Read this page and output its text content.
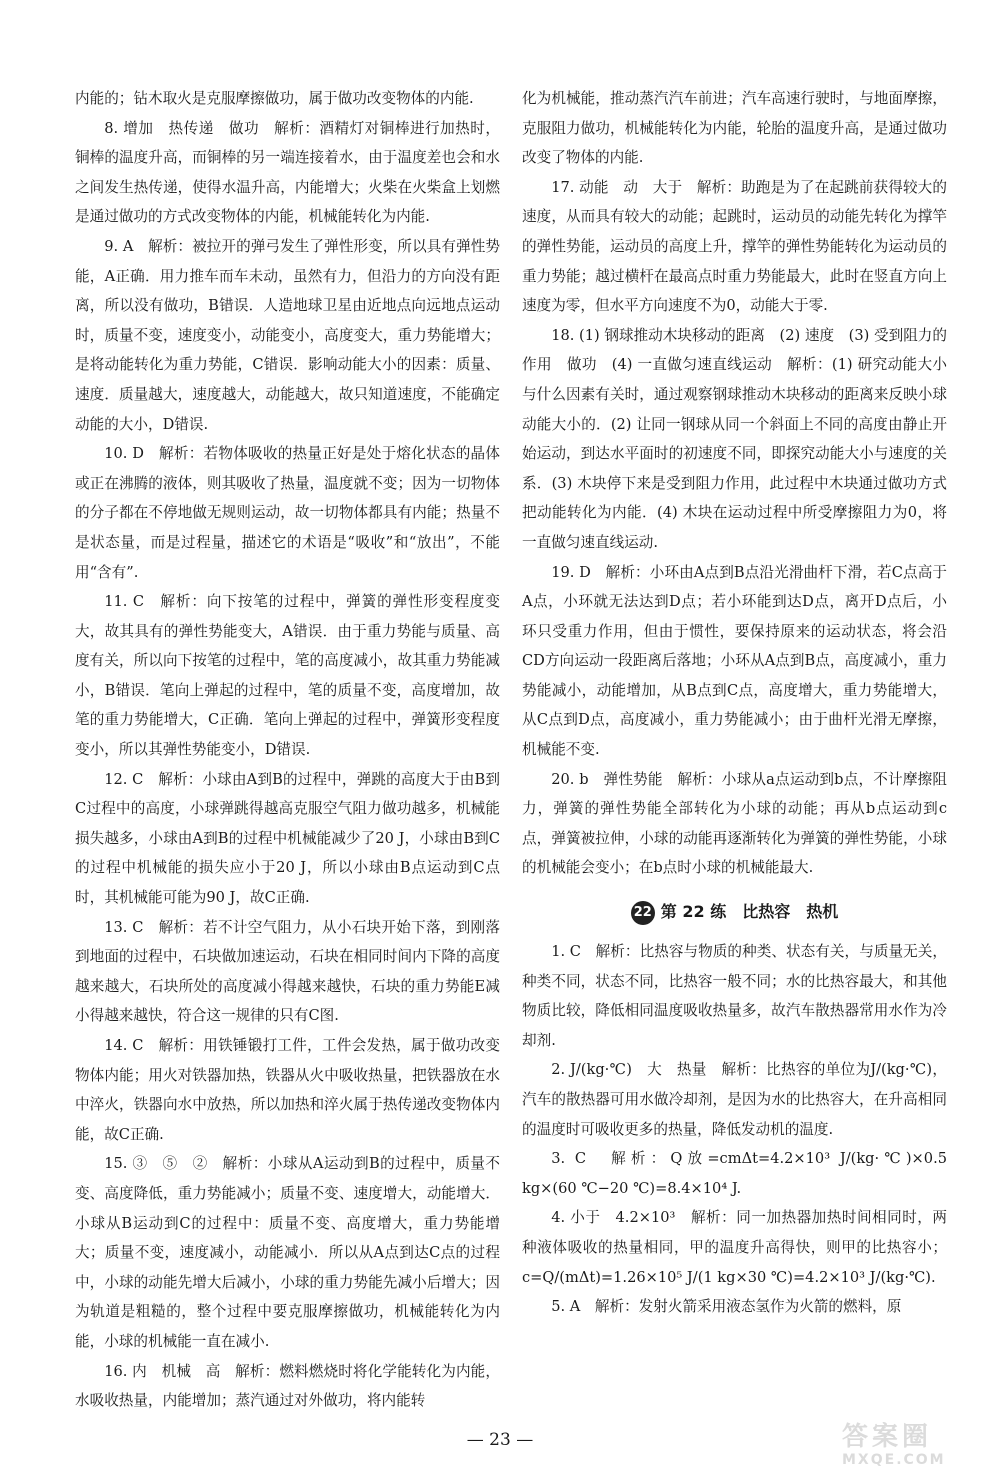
内能的；钻木取火是克服摩擦做功，属于做功改变物体的内能.

8. 增加　热传递　做功　解析：酒精灯对铜棒进行加热时，铜棒的温度升高，而铜棒的另一端连接着水，由于温度差也会和水之间发生热传递，使得水温升高，内能增大；火柴在火柴盒上划燃是通过做功的方式改变物体的内能，机械能转化为内能.

9. A　解析：被拉开的弹弓发生了弹性形变，所以具有弹性势能，A正确．用力推车而车未动，虽然有力，但沿力的方向没有距离，所以没有做功，B错误．人造地球卫星由近地点向远地点运动时，质量不变，速度变小，动能变小，高度变大，重力势能增大；是将动能转化为重力势能，C错误．影响动能大小的因素：质量、速度．质量越大，速度越大，动能越大，故只知道速度，不能确定动能的大小，D错误.

10. D　解析：若物体吸收的热量正好是处于熔化状态的晶体或正在沸腾的液体，则其吸收了热量，温度就不变；因为一切物体的分子都在不停地做无规则运动，故一切物体都具有内能；热量不是状态量，而是过程量，描述它的术语是“吸收”和“放出”，不能用“含有”.

11. C　解析：向下按笔的过程中，弹簧的弹性形变程度变大，故其具有的弹性势能变大，A错误．由于重力势能与质量、高度有关，所以向下按笔的过程中，笔的高度减小，故其重力势能减小，B错误．笔向上弹起的过程中，笔的质量不变，高度增加，故笔的重力势能增大，C正确．笔向上弹起的过程中，弹簧形变程度变小，所以其弹性势能变小，D错误.

12. C　解析：小球由A到B的过程中，弹跳的高度大于由B到C过程中的高度，小球弹跳得越高克服空气阻力做功越多，机械能损失越多，小球由A到B的过程中机械能减少了20 J，小球由B到C的过程中机械能的损失应小于20 J，所以小球由B点运动到C点时，其机械能可能为90 J，故C正确.

13. C　解析：若不计空气阻力，从小石块开始下落，到刚落到地面的过程中，石块做加速运动，石块在相同时间内下降的高度越来越大，石块所处的高度减小得越来越快，石块的重力势能E减小得越来越快，符合这一规律的只有C图.

14. C　解析：用铁锤锻打工件，工件会发热，属于做功改变物体内能；用火对铁器加热，铁器从火中吸收热量，把铁器放在水中淬火，铁器向水中放热，所以加热和淬火属于热传递改变物体内能，故C正确.

15. ③　⑤　②　解析：小球从A运动到B的过程中，质量不变、高度降低，重力势能减小；质量不变、速度增大，动能增大．小球从B运动到C的过程中：质量不变、高度增大，重力势能增大；质量不变，速度减小，动能减小．所以从A点到达C点的过程中，小球的动能先增大后减小，小球的重力势能先减小后增大；因为轨道是粗糙的，整个过程中要克服摩擦做功，机械能转化为内能，小球的机械能一直在减小.

16. 内　机械　高　解析：燃料燃烧时将化学能转化为内能，水吸收热量，内能增加；蒸汽通过对外做功，将内能转

化为机械能，推动蒸汽汽车前进；汽车高速行驶时，与地面摩擦，克服阻力做功，机械能转化为内能，轮胎的温度升高，是通过做功改变了物体的内能.

17. 动能　动　大于　解析：助跑是为了在起跳前获得较大的速度，从而具有较大的动能；起跳时，运动员的动能先转化为撑竿的弹性势能，运动员的高度上升，撑竿的弹性势能转化为运动员的重力势能；越过横杆在最高点时重力势能最大，此时在竖直方向上速度为零，但水平方向速度不为0，动能大于零.

18. (1) 钢球推动木块移动的距离　(2) 速度　(3) 受到阻力的作用　做功　(4) 一直做匀速直线运动　解析：(1) 研究动能大小与什么因素有关时，通过观察钢球推动木块移动的距离来反映小球动能大小的．(2) 让同一钢球从同一个斜面上不同的高度由静止开始运动，到达水平面时的初速度不同，即探究动能大小与速度的关系．(3) 木块停下来是受到阻力作用，此过程中木块通过做功方式把动能转化为内能．(4) 木块在运动过程中所受摩擦阻力为0，将一直做匀速直线运动.

19. D　解析：小环由A点到B点沿光滑曲杆下滑，若C点高于A点，小环就无法达到D点；若小环能到达D点，离开D点后，小环只受重力作用，但由于惯性，要保持原来的运动状态，将会沿CD方向运动一段距离后落地；小环从A点到B点，高度减小，重力势能减小，动能增加，从B点到C点，高度增大，重力势能增大，从C点到D点，高度减小，重力势能减小；由于曲杆光滑无摩擦，机械能不变.

20. b　弹性势能　解析：小球从a点运动到b点，不计摩擦阻力，弹簧的弹性势能全部转化为小球的动能；再从b点运动到c点，弹簧被拉伸，小球的动能再逐渐转化为弹簧的弹性势能，小球的机械能会变小；在b点时小球的机械能最大.

22 第 22 练　比热容　热机

1. C　解析：比热容与物质的种类、状态有关，与质量无关，种类不同，状态不同，比热容一般不同；水的比热容最大，和其他物质比较，降低相同温度吸收热量多，故汽车散热器常用水作为冷却剂.

2. J/(kg·℃)　大　热量　解析：比热容的单位为J/(kg·℃)，汽车的散热器可用水做冷却剂，是因为水的比热容大，在升高相同的温度时可吸收更多的热量，降低发动机的温度.

3. C　解析：Q放=cmΔt=4.2×10³ J/(kg·℃)×0.5 kg×(60 ℃−20 ℃)=8.4×10⁴ J.

4. 小于　4.2×10³　解析：同一加热器加热时间相同时，两种液体吸收的热量相同，甲的温度升高得快，则甲的比热容小；c=Q/(mΔt)=1.26×10⁵ J/(1 kg×30 ℃)=4.2×10³ J/(kg·℃).

5. A　解析：发射火箭采用液态氢作为火箭的燃料，原

— 23 —	答案圈
MXQE.COM
